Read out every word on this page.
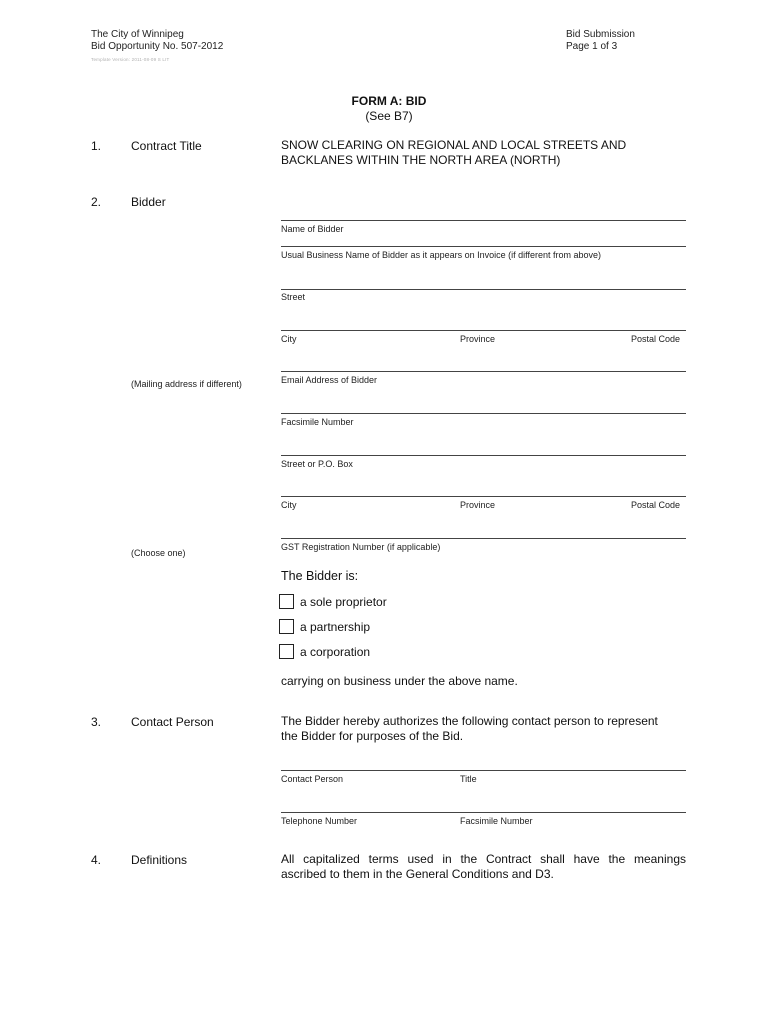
The City of Winnipeg
Bid Opportunity No. 507-2012
Template Version: 2011-08-09 S LIT
Bid Submission
Page 1 of 3
FORM A: BID
(See B7)
1. Contract Title	SNOW CLEARING ON REGIONAL AND LOCAL STREETS AND
BACKLANES WITHIN THE NORTH AREA (NORTH)
2. Bidder
Name of Bidder
Usual Business Name of Bidder as it appears on Invoice (if different from above)
Street
City	Province	Postal Code
(Mailing address if different)	Email Address of Bidder
Facsimile Number
Street or P.O. Box
City	Province	Postal Code
(Choose one)
GST Registration Number (if applicable)
The Bidder is:
a sole proprietor
a partnership
a corporation
carrying on business under the above name.
3. Contact Person	The Bidder hereby authorizes the following contact person to represent
the Bidder for purposes of the Bid.
Contact Person	Title
Telephone Number	Facsimile Number
4. Definitions	All capitalized terms used in the Contract shall have the meanings
ascribed to them in the General Conditions and D3.
